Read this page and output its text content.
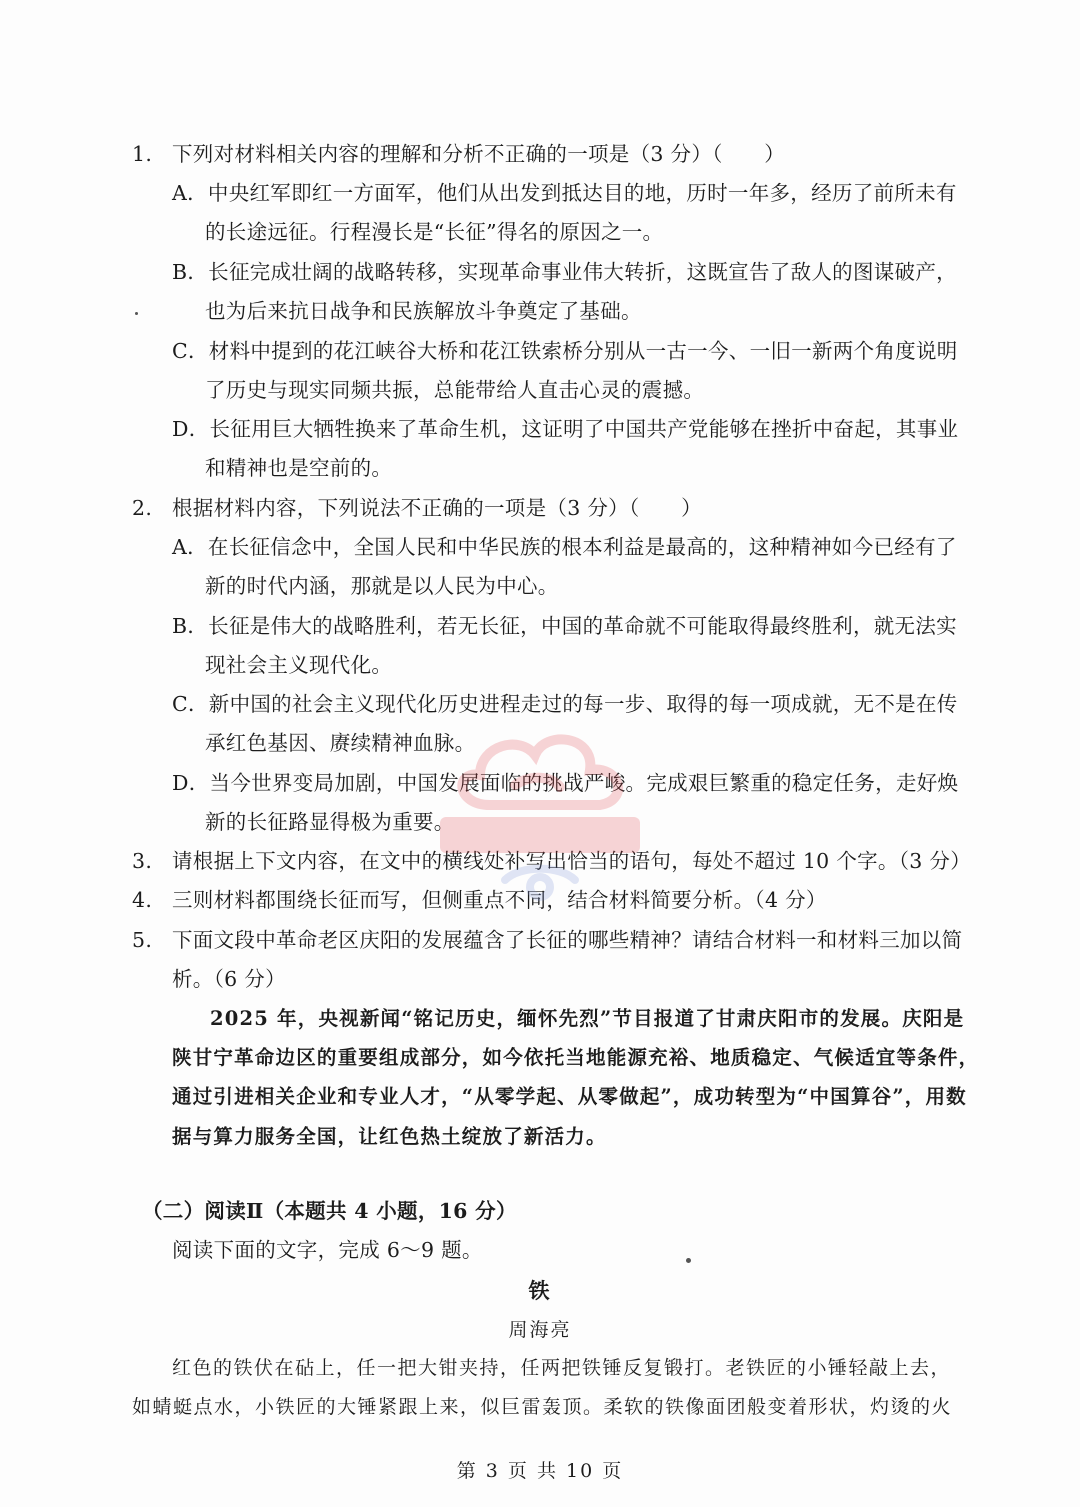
1. 下列对材料相关内容的理解和分析不正确的一项是（3 分）（　　）
A．中央红军即红一方面军，他们从出发到抵达目的地，历时一年多，经历了前所未有
的长途远征。行程漫长是“长征”得名的原因之一。
B．长征完成壮阔的战略转移，实现革命事业伟大转折，这既宣告了敌人的图谋破产，
也为后来抗日战争和民族解放斗争奠定了基础。
C．材料中提到的花江峡谷大桥和花江铁索桥分别从一古一今、一旧一新两个角度说明
了历史与现实同频共振，总能带给人直击心灵的震撼。
D．长征用巨大牺牲换来了革命生机，这证明了中国共产党能够在挫折中奋起，其事业
和精神也是空前的。
2. 根据材料内容，下列说法不正确的一项是（3 分）（　　）
A．在长征信念中，全国人民和中华民族的根本利益是最高的，这种精神如今已经有了
新的时代内涵，那就是以人民为中心。
B．长征是伟大的战略胜利，若无长征，中国的革命就不可能取得最终胜利，就无法实
现社会主义现代化。
C．新中国的社会主义现代化历史进程走过的每一步、取得的每一项成就，无不是在传
承红色基因、赓续精神血脉。
D．当今世界变局加剧，中国发展面临的挑战严峻。完成艰巨繁重的稳定任务，走好焕
新的长征路显得极为重要。
3. 请根据上下文内容，在文中的横线处补写出恰当的语句，每处不超过 10 个字。（3 分）
4. 三则材料都围绕长征而写，但侧重点不同，结合材料简要分析。（4 分）
5. 下面文段中革命老区庆阳的发展蕴含了长征的哪些精神？请结合材料一和材料三加以简
析。（6 分）
2025 年，央视新闻“铭记历史，缅怀先烈”节目报道了甘肃庆阳市的发展。庆阳是
陕甘宁革命边区的重要组成部分，如今依托当地能源充裕、地质稳定、气候适宜等条件，
通过引进相关企业和专业人才，“从零学起、从零做起”，成功转型为“中国算谷”，用数
据与算力服务全国，让红色热土绽放了新活力。
（二）阅读Ⅱ（本题共 4 小题，16 分）
阅读下面的文字，完成 6～9 题。
铁
周海亮
红色的铁伏在砧上，任一把大钳夹持，任两把铁锤反复锻打。老铁匠的小锤轻敲上去，
如蜻蜓点水，小铁匠的大锤紧跟上来，似巨雷轰顶。柔软的铁像面团般变着形状，灼烫的火
第 3 页 共 10 页
